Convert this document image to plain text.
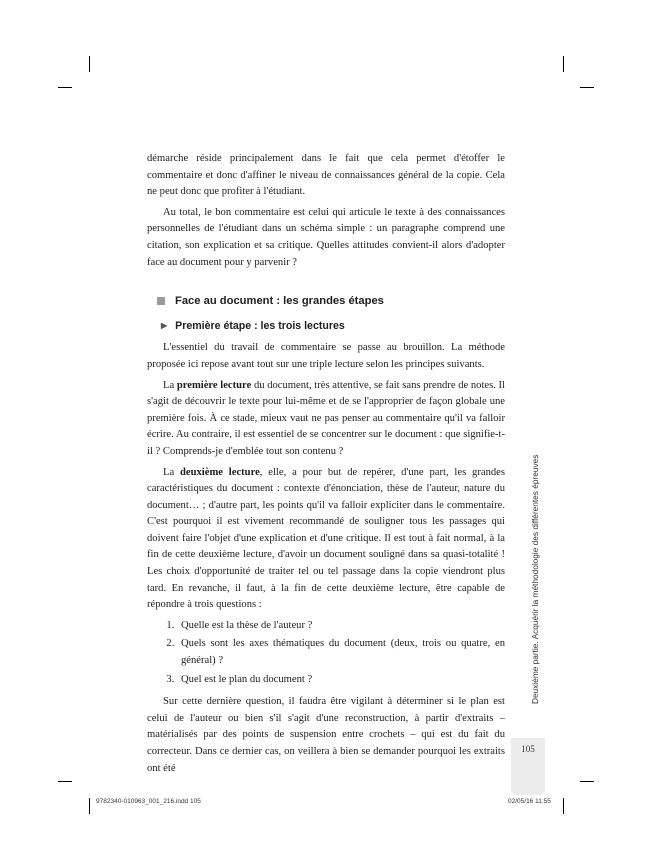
démarche réside principalement dans le fait que cela permet d'étoffer le commentaire et donc d'affiner le niveau de connaissances général de la copie. Cela ne peut donc que profiter à l'étudiant.

Au total, le bon commentaire est celui qui articule le texte à des connaissances personnelles de l'étudiant dans un schéma simple : un paragraphe comprend une citation, son explication et sa critique. Quelles attitudes convient-il alors d'adopter face au document pour y parvenir ?

Face au document : les grandes étapes
▶ Première étape : les trois lectures

L'essentiel du travail de commentaire se passe au brouillon. La méthode proposée ici repose avant tout sur une triple lecture selon les principes suivants.

La première lecture du document, très attentive, se fait sans prendre de notes. Il s'agit de découvrir le texte pour lui-même et de se l'approprier de façon globale une première fois. À ce stade, mieux vaut ne pas penser au commentaire qu'il va falloir écrire. Au contraire, il est essentiel de se concentrer sur le document : que signifie-t-il ? Comprends-je d'emblée tout son contenu ?

La deuxième lecture, elle, a pour but de repérer, d'une part, les grandes caractéristiques du document : contexte d'énonciation, thèse de l'auteur, nature du document… ; d'autre part, les points qu'il va falloir expliciter dans le commentaire. C'est pourquoi il est vivement recommandé de souligner tous les passages qui doivent faire l'objet d'une explication et d'une critique. Il est tout à fait normal, à la fin de cette deuxième lecture, d'avoir un document souligné dans sa quasi-totalité ! Les choix d'opportunité de traiter tel ou tel passage dans la copie viendront plus tard. En revanche, il faut, à la fin de cette deuxième lecture, être capable de répondre à trois questions :

1. Quelle est la thèse de l'auteur ?
2. Quels sont les axes thématiques du document (deux, trois ou quatre, en général) ?
3. Quel est le plan du document ?

Sur cette dernière question, il faudra être vigilant à déterminer si le plan est celui de l'auteur ou bien s'il s'agit d'une reconstruction, à partir d'extraits – matérialisés par des points de suspension entre crochets – qui est du fait du correcteur. Dans ce dernier cas, on veillera à bien se demander pourquoi les extraits ont été

Deuxième partie. Acquérir la méthodologie des différentes épreuves
105
9782340-010963_001_216.indd 105	02/05/16 11:55
